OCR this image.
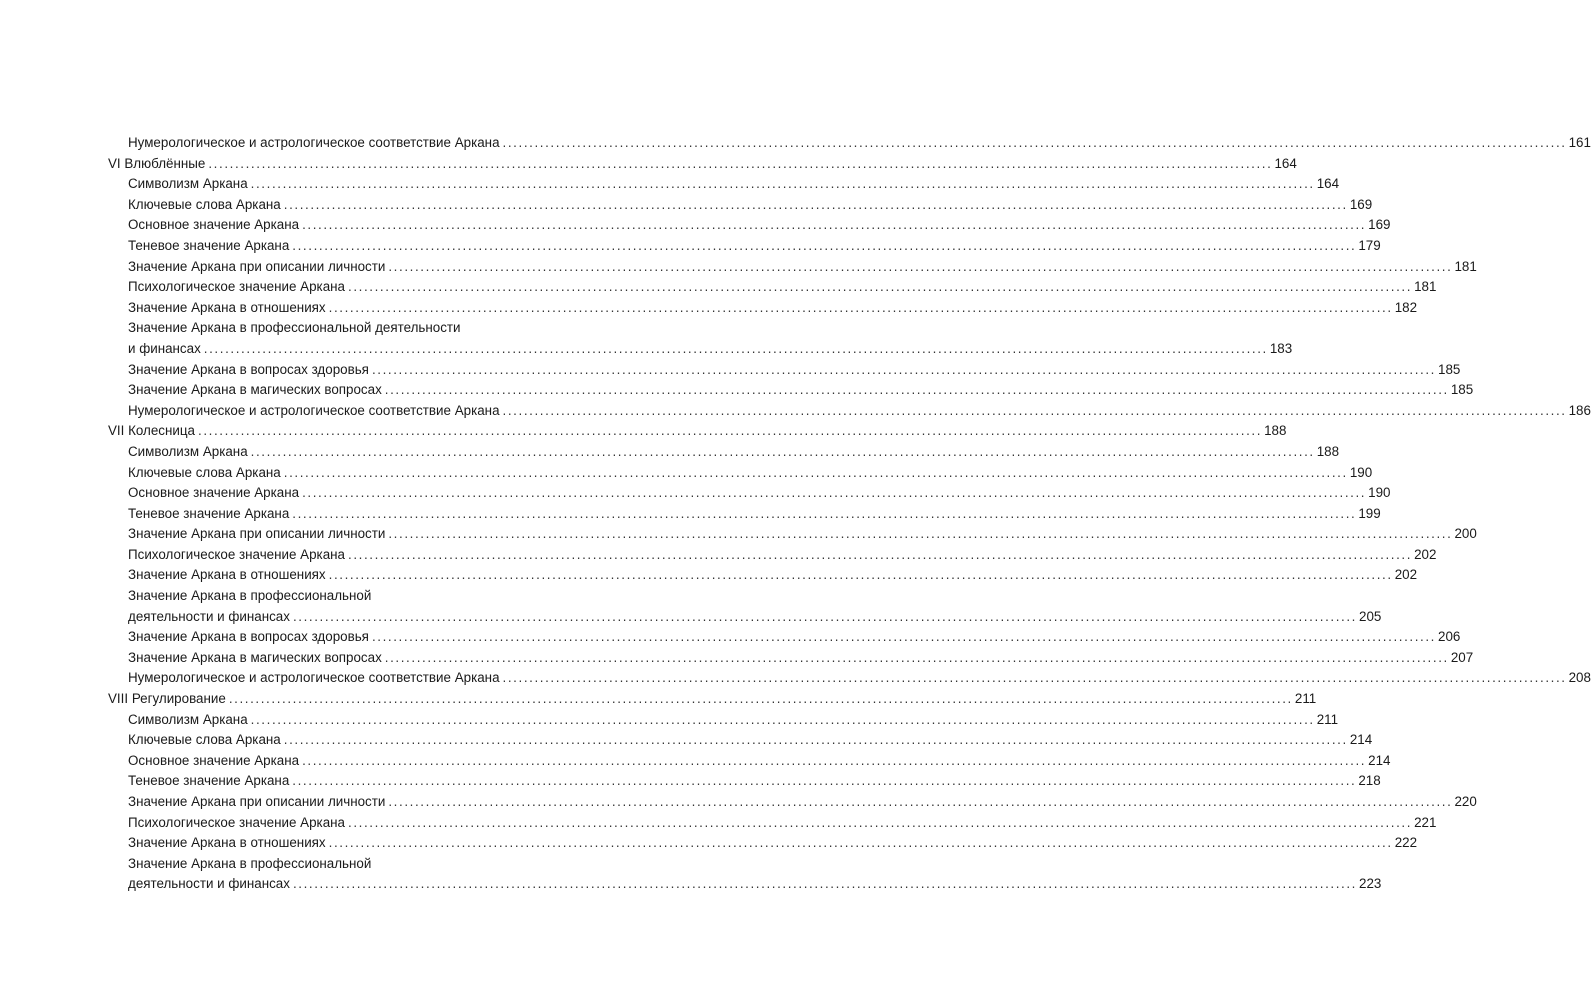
Нумерологическое и астрологическое соответствие Аркана ........................................................................................................................................................................................................ 161
VI Влюблённые ........................................................................................................................................................................................................ 164
Символизм Аркана ........................................................................................................................................................................................................ 164
Ключевые слова Аркана ........................................................................................................................................................................................................ 169
Основное значение Аркана ........................................................................................................................................................................................................ 169
Теневое значение Аркана ........................................................................................................................................................................................................ 179
Значение Аркана при описании личности ........................................................................................................................................................................................................ 181
Психологическое значение Аркана ........................................................................................................................................................................................................ 181
Значение Аркана в отношениях ........................................................................................................................................................................................................ 182
Значение Аркана в профессиональной деятельности
и финансах ........................................................................................................................................................................................................ 183
Значение Аркана в вопросах здоровья ........................................................................................................................................................................................................ 185
Значение Аркана в магических вопросах ........................................................................................................................................................................................................ 185
Нумерологическое и астрологическое соответствие Аркана ........................................................................................................................................................................................................ 186
VII Колесница ........................................................................................................................................................................................................ 188
Символизм Аркана ........................................................................................................................................................................................................ 188
Ключевые слова Аркана ........................................................................................................................................................................................................ 190
Основное значение Аркана ........................................................................................................................................................................................................ 190
Теневое значение Аркана ........................................................................................................................................................................................................ 199
Значение Аркана при описании личности ........................................................................................................................................................................................................ 200
Психологическое значение Аркана ........................................................................................................................................................................................................ 202
Значение Аркана в отношениях ........................................................................................................................................................................................................ 202
Значение Аркана в профессиональной
деятельности и финансах ........................................................................................................................................................................................................ 205
Значение Аркана в вопросах здоровья ........................................................................................................................................................................................................ 206
Значение Аркана в магических вопросах ........................................................................................................................................................................................................ 207
Нумерологическое и астрологическое соответствие Аркана ........................................................................................................................................................................................................ 208
VIII Регулирование ........................................................................................................................................................................................................ 211
Символизм Аркана ........................................................................................................................................................................................................ 211
Ключевые слова Аркана ........................................................................................................................................................................................................ 214
Основное значение Аркана ........................................................................................................................................................................................................ 214
Теневое значение Аркана ........................................................................................................................................................................................................ 218
Значение Аркана при описании личности ........................................................................................................................................................................................................ 220
Психологическое значение Аркана ........................................................................................................................................................................................................ 221
Значение Аркана в отношениях ........................................................................................................................................................................................................ 222
Значение Аркана в профессиональной
деятельности и финансах ........................................................................................................................................................................................................ 223
